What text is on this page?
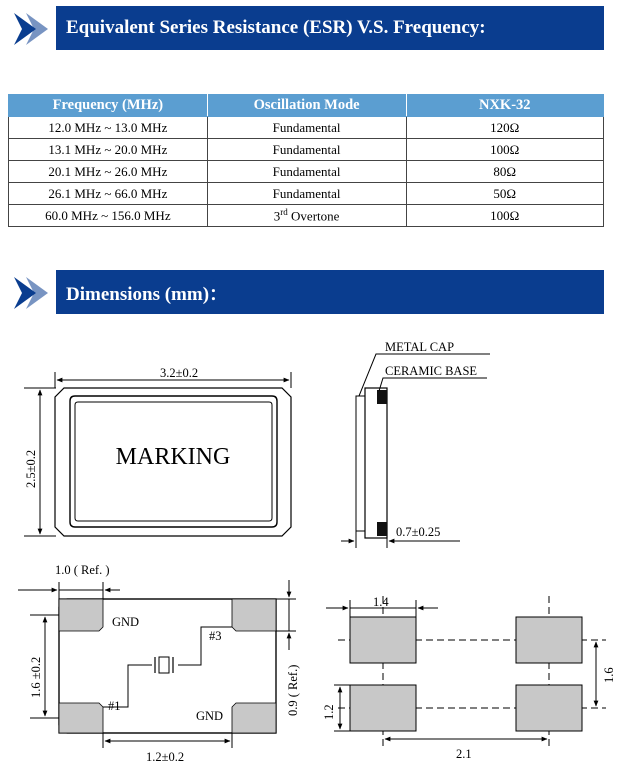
Equivalent Series Resistance (ESR) V.S. Frequency:
Frequency (MHz)	Oscillation Mode	NXK-32
12.0 MHz ~ 13.0 MHz	Fundamental	120Ω
13.1 MHz ~ 20.0 MHz	Fundamental	100Ω
20.1 MHz ~ 26.0 MHz	Fundamental	80Ω
26.1 MHz ~ 66.0 MHz	Fundamental	50Ω
60.0 MHz ~ 156.0 MHz	3rd Overtone	100Ω
Dimensions (mm)：
3.2±0.2
2.5±0.2	MARKING
METAL CAP
CERAMIC BASE
0.7±0.25
1.0 ( Ref. )
GND
GND
#3
#1
1.6 ±0.2
1.2±0.2
0.9 ( Ref.)
1.4
1.2
2.1
1.6
